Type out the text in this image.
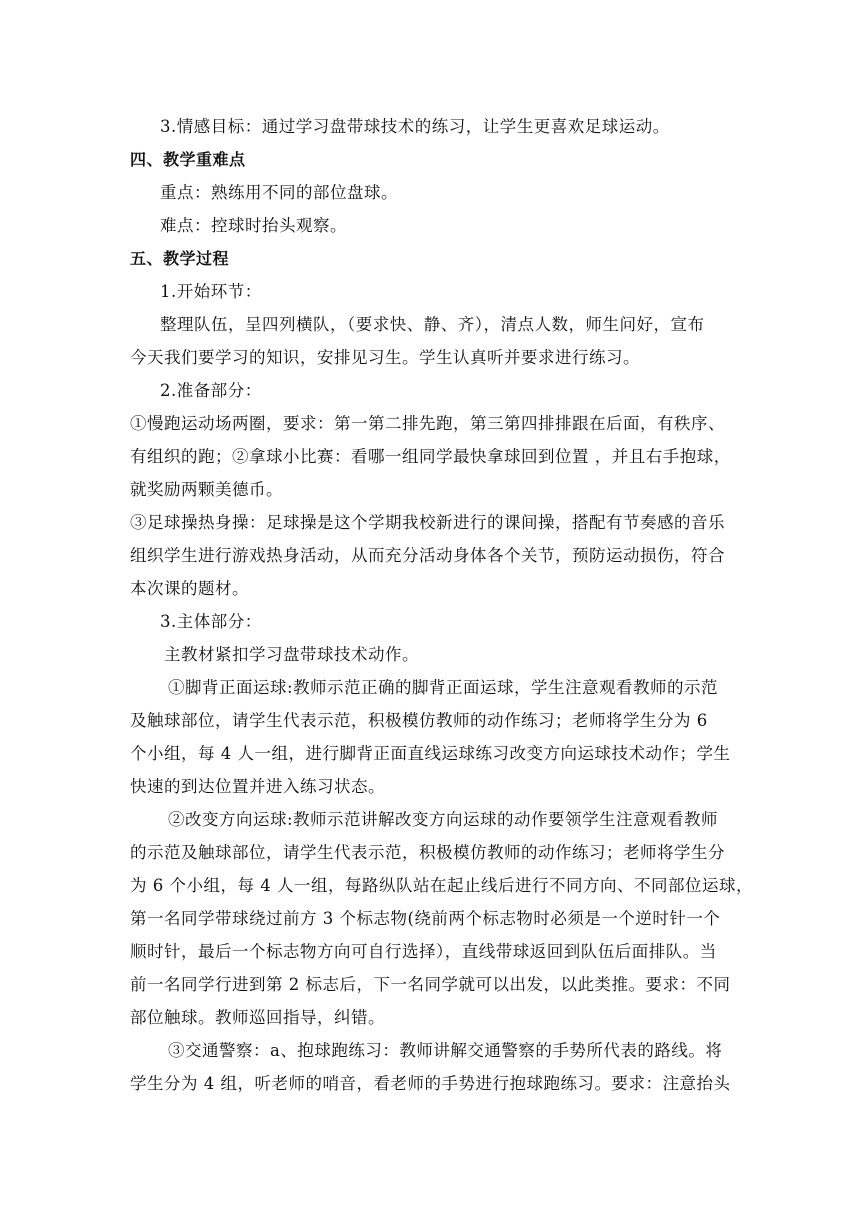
3.情感目标：通过学习盘带球技术的练习，让学生更喜欢足球运动。

四、教学重难点

重点：熟练用不同的部位盘球。

难点：控球时抬头观察。

五、教学过程

1.开始环节：

整理队伍，呈四列横队，（要求快、静、齐），清点人数，师生问好，宣布

今天我们要学习的知识，安排见习生。学生认真听并要求进行练习。

2.准备部分：

①慢跑运动场两圈，要求：第一第二排先跑，第三第四排排跟在后面，有秩序、

有组织的跑；②拿球小比赛：看哪一组同学最快拿球回到位置 ，并且右手抱球，

就奖励两颗美德币。

③足球操热身操：足球操是这个学期我校新进行的课间操，搭配有节奏感的音乐

组织学生进行游戏热身活动，从而充分活动身体各个关节，预防运动损伤，符合

本次课的题材。

3.主体部分：

主教材紧扣学习盘带球技术动作。

①脚背正面运球:教师示范正确的脚背正面运球，学生注意观看教师的示范

及触球部位，请学生代表示范，积极模仿教师的动作练习；老师将学生分为 6

个小组，每 4 人一组，进行脚背正面直线运球练习改变方向运球技术动作；学生

快速的到达位置并进入练习状态。

②改变方向运球:教师示范讲解改变方向运球的动作要领学生注意观看教师

的示范及触球部位，请学生代表示范，积极模仿教师的动作练习；老师将学生分

为 6 个小组，每 4 人一组，每路纵队站在起止线后进行不同方向、不同部位运球，

第一名同学带球绕过前方 3 个标志物(绕前两个标志物时必须是一个逆时针一个

顺时针，最后一个标志物方向可自行选择），直线带球返回到队伍后面排队。当

前一名同学行进到第 2 标志后，下一名同学就可以出发，以此类推。要求：不同

部位触球。教师巡回指导，纠错。

③交通警察：a、抱球跑练习：教师讲解交通警察的手势所代表的路线。将

学生分为 4 组，听老师的哨音，看老师的手势进行抱球跑练习。要求：注意抬头
